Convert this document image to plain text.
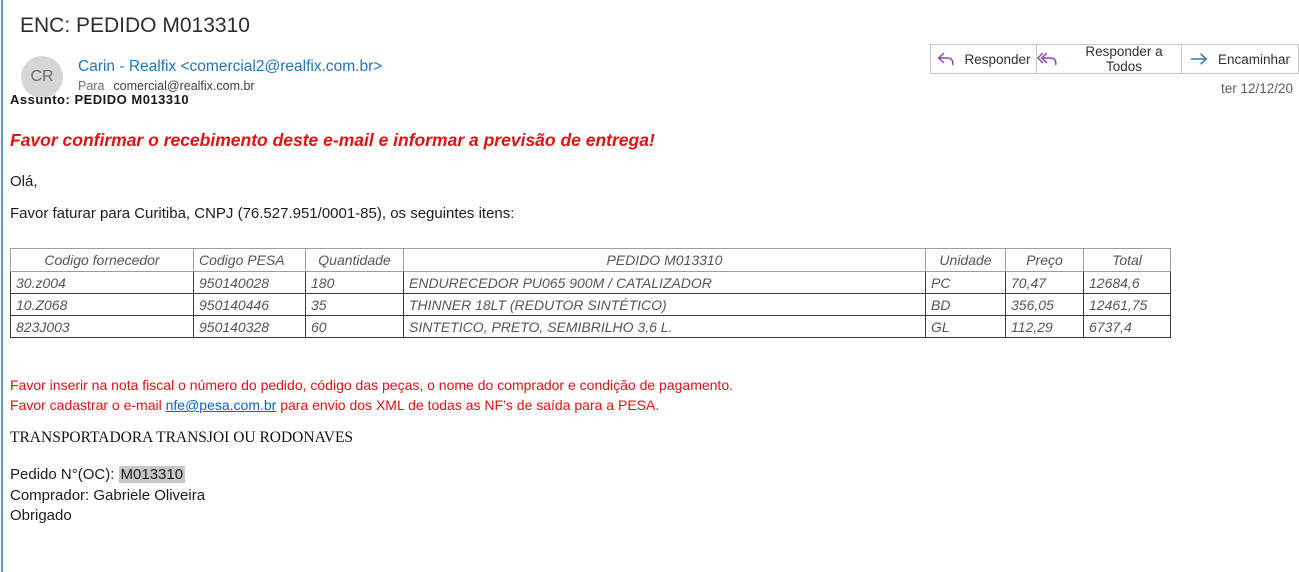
ENC: PEDIDO M013310
CR
Carin - Realfix <comercial2@realfix.com.br>
Para comercial@realfix.com.br
Assunto: PEDIDO M013310
Responder	Responder a Todos	Encaminhar
ter 12/12/20
Favor confirmar o recebimento deste e-mail e informar a previsão de entrega!
Olá,
Favor faturar para Curitiba, CNPJ (76.527.951/0001-85), os seguintes itens:
Codigo fornecedor	Codigo PESA	Quantidade	PEDIDO M013310	Unidade	Preço	Total
30.z004	950140028	180	ENDURECEDOR PU065 900M / CATALIZADOR	PC	70,47	12684,6
10.Z068	950140446	35	THINNER 18LT (REDUTOR SINTÉTICO)	BD	356,05	12461,75
823J003	950140328	60	SINTETICO, PRETO, SEMIBRILHO 3,6 L.	GL	112,29	6737,4
Favor inserir na nota fiscal o número do pedido, código das peças, o nome do comprador e condição de pagamento.
Favor cadastrar o e-mail nfe@pesa.com.br para envio dos XML de todas as NF’s de saída para a PESA.
TRANSPORTADORA TRANSJOI OU RODONAVES
Pedido N°(OC): M013310
Comprador: Gabriele Oliveira
Obrigado
